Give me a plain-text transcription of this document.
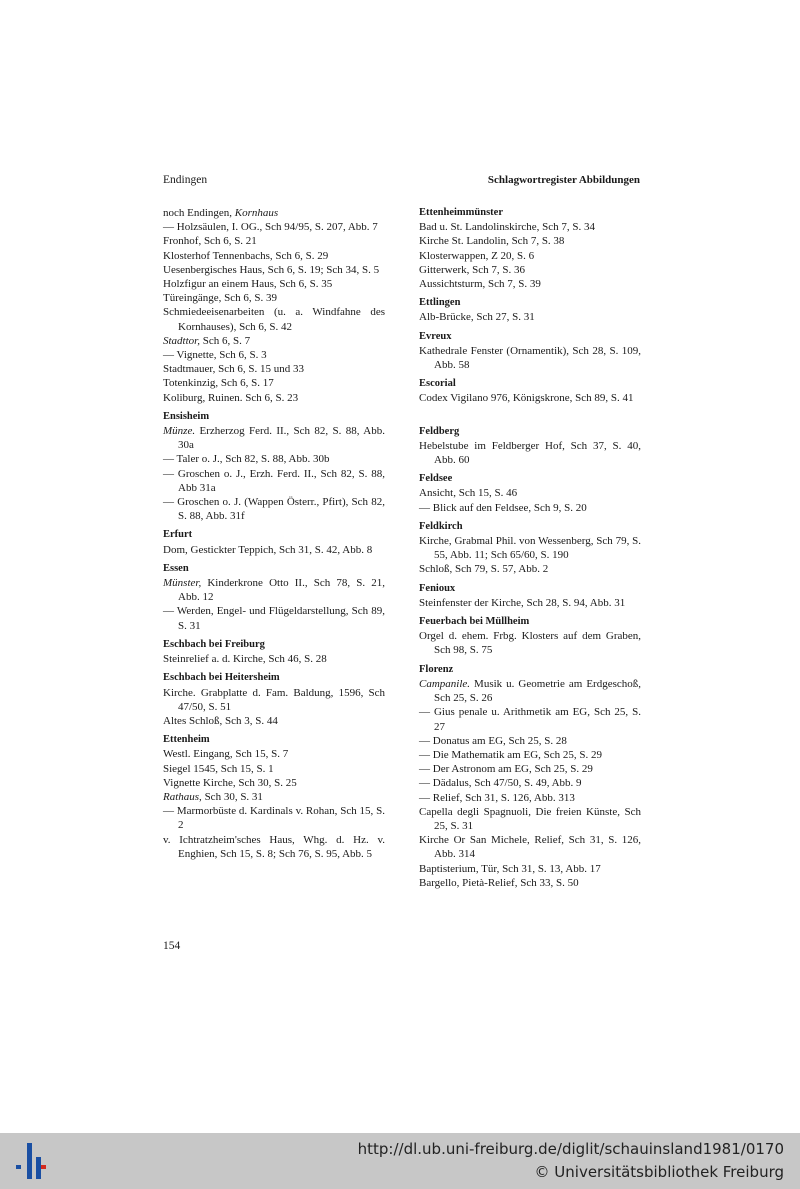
Endingen	Schlagwortregister Abbildungen
noch Endingen, Kornhaus
— Holzsäulen, I. OG., Sch 94/95, S. 207, Abb. 7
Fronhof, Sch 6, S. 21
Klosterhof Tennenbachs, Sch 6, S. 29
Uesenbergisches Haus, Sch 6, S. 19; Sch 34, S. 5
Holzfigur an einem Haus, Sch 6, S. 35
Türeingänge, Sch 6, S. 39
Schmiedeeisenarbeiten (u. a. Windfahne des Kornhauses), Sch 6, S. 42
Stadttor, Sch 6, S. 7
— Vignette, Sch 6, S. 3
Stadtmauer, Sch 6, S. 15 und 33
Totenkinzig, Sch 6, S. 17
Koliburg, Ruinen. Sch 6, S. 23
Ensisheim
Münze. Erzherzog Ferd. II., Sch 82, S. 88, Abb. 30a
— Taler o. J., Sch 82, S. 88, Abb. 30b
— Groschen o. J., Erzh. Ferd. II., Sch 82, S. 88, Abb 31a
— Groschen o. J. (Wappen Österr., Pfirt), Sch 82, S. 88, Abb. 31f
Erfurt
Dom, Gestickter Teppich, Sch 31, S. 42, Abb. 8
Essen
Münster, Kinderkrone Otto II., Sch 78, S. 21, Abb. 12
— Werden, Engel- und Flügeldarstellung, Sch 89, S. 31
Eschbach bei Freiburg
Steinrelief a. d. Kirche, Sch 46, S. 28
Eschbach bei Heitersheim
Kirche. Grabplatte d. Fam. Baldung, 1596, Sch 47/50, S. 51
Altes Schloß, Sch 3, S. 44
Ettenheim
Westl. Eingang, Sch 15, S. 7
Siegel 1545, Sch 15, S. 1
Vignette Kirche, Sch 30, S. 25
Rathaus, Sch 30, S. 31
— Marmorbüste d. Kardinals v. Rohan, Sch 15, S. 2
v. Ichtratzheim'sches Haus, Whg. d. Hz. v. Enghien, Sch 15, S. 8; Sch 76, S. 95, Abb. 5
Ettenheimmünster
Bad u. St. Landolinskirche, Sch 7, S. 34
Kirche St. Landolin, Sch 7, S. 38
Klosterwappen, Z 20, S. 6
Gitterwerk, Sch 7, S. 36
Aussichtsturm, Sch 7, S. 39
Ettlingen
Alb-Brücke, Sch 27, S. 31
Evreux
Kathedrale Fenster (Ornamentik), Sch 28, S. 109, Abb. 58
Escorial
Codex Vigilano 976, Königskrone, Sch 89, S. 41
Feldberg
Hebelstube im Feldberger Hof, Sch 37, S. 40, Abb. 60
Feldsee
Ansicht, Sch 15, S. 46
— Blick auf den Feldsee, Sch 9, S. 20
Feldkirch
Kirche, Grabmal Phil. von Wessenberg, Sch 79, S. 55, Abb. 11; Sch 65/60, S. 190
Schloß, Sch 79, S. 57, Abb. 2
Fenioux
Steinfenster der Kirche, Sch 28, S. 94, Abb. 31
Feuerbach bei Müllheim
Orgel d. ehem. Frbg. Klosters auf dem Graben, Sch 98, S. 75
Florenz
Campanile. Musik u. Geometrie am Erdgeschoß, Sch 25, S. 26
— Gius penale u. Arithmetik am EG, Sch 25, S. 27
— Donatus am EG, Sch 25, S. 28
— Die Mathematik am EG, Sch 25, S. 29
— Der Astronom am EG, Sch 25, S. 29
— Dädalus, Sch 47/50, S. 49, Abb. 9
— Relief, Sch 31, S. 126, Abb. 313
Capella degli Spagnuoli, Die freien Künste, Sch 25, S. 31
Kirche Or San Michele, Relief, Sch 31, S. 126, Abb. 314
Baptisterium, Tür, Sch 31, S. 13, Abb. 17
Bargello, Pietà-Relief, Sch 33, S. 50
154
http://dl.ub.uni-freiburg.de/diglit/schauinsland1981/0170
© Universitätsbibliothek Freiburg
